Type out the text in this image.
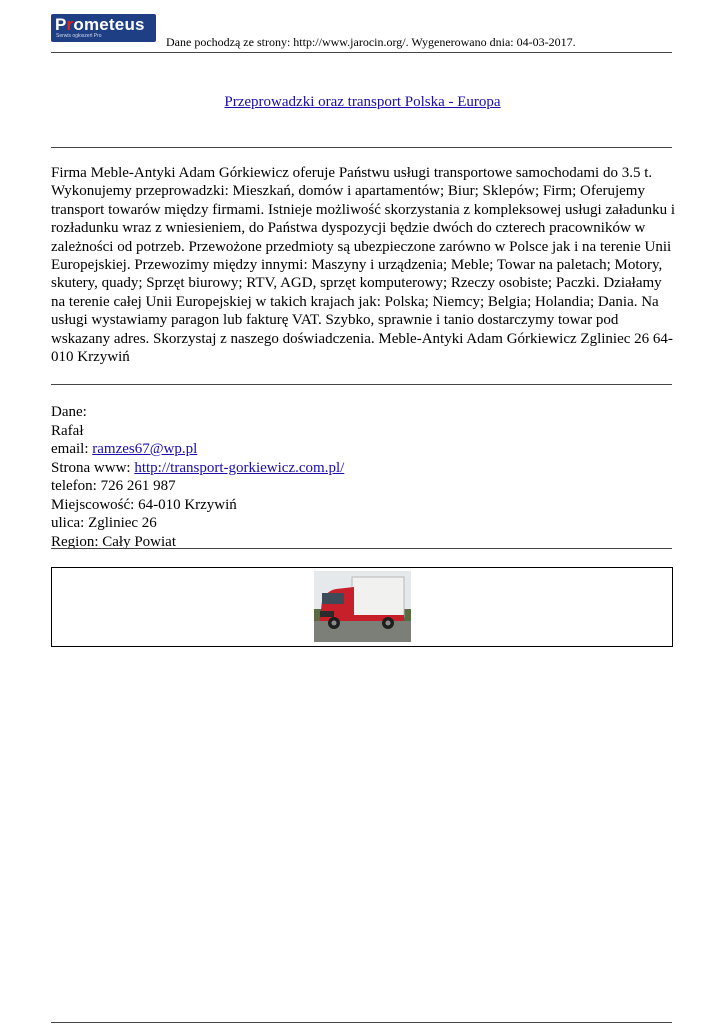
Prometeus
Serwis ogłoszeń Pro	Dane pochodzą ze strony: http://www.jarocin.org/. Wygenerowano dnia: 04-03-2017.
Przeprowadzki oraz transport Polska - Europa
Firma Meble-Antyki Adam Górkiewicz oferuje Państwu usługi transportowe samochodami do 3.5 t. Wykonujemy przeprowadzki: Mieszkań, domów i apartamentów; Biur; Sklepów; Firm; Oferujemy transport towarów między firmami. Istnieje możliwość skorzystania z kompleksowej usługi załadunku i rozładunku wraz z wniesieniem, do Państwa dyspozycji będzie dwóch do czterech pracowników w zależności od potrzeb. Przewożone przedmioty są ubezpieczone zarówno w Polsce jak i na terenie Unii Europejskiej. Przewozimy między innymi: Maszyny i urządzenia; Meble; Towar na paletach; Motory, skutery, quady; Sprzęt biurowy; RTV, AGD, sprzęt komputerowy; Rzeczy osobiste; Paczki. Działamy na terenie całej Unii Europejskiej w takich krajach jak: Polska; Niemcy; Belgia; Holandia; Dania. Na usługi wystawiamy paragon lub fakturę VAT. Szybko, sprawnie i tanio dostarczymy towar pod wskazany adres. Skorzystaj z naszego doświadczenia. Meble-Antyki Adam Górkiewicz Zgliniec 26 64-010 Krzywiń
Dane:
Rafał
email: ramzes67@wp.pl
Strona www: http://transport-gorkiewicz.com.pl/
telefon: 726 261 987
Miejscowość: 64-010 Krzywiń
ulica: Zgliniec 26
Region: Cały Powiat
